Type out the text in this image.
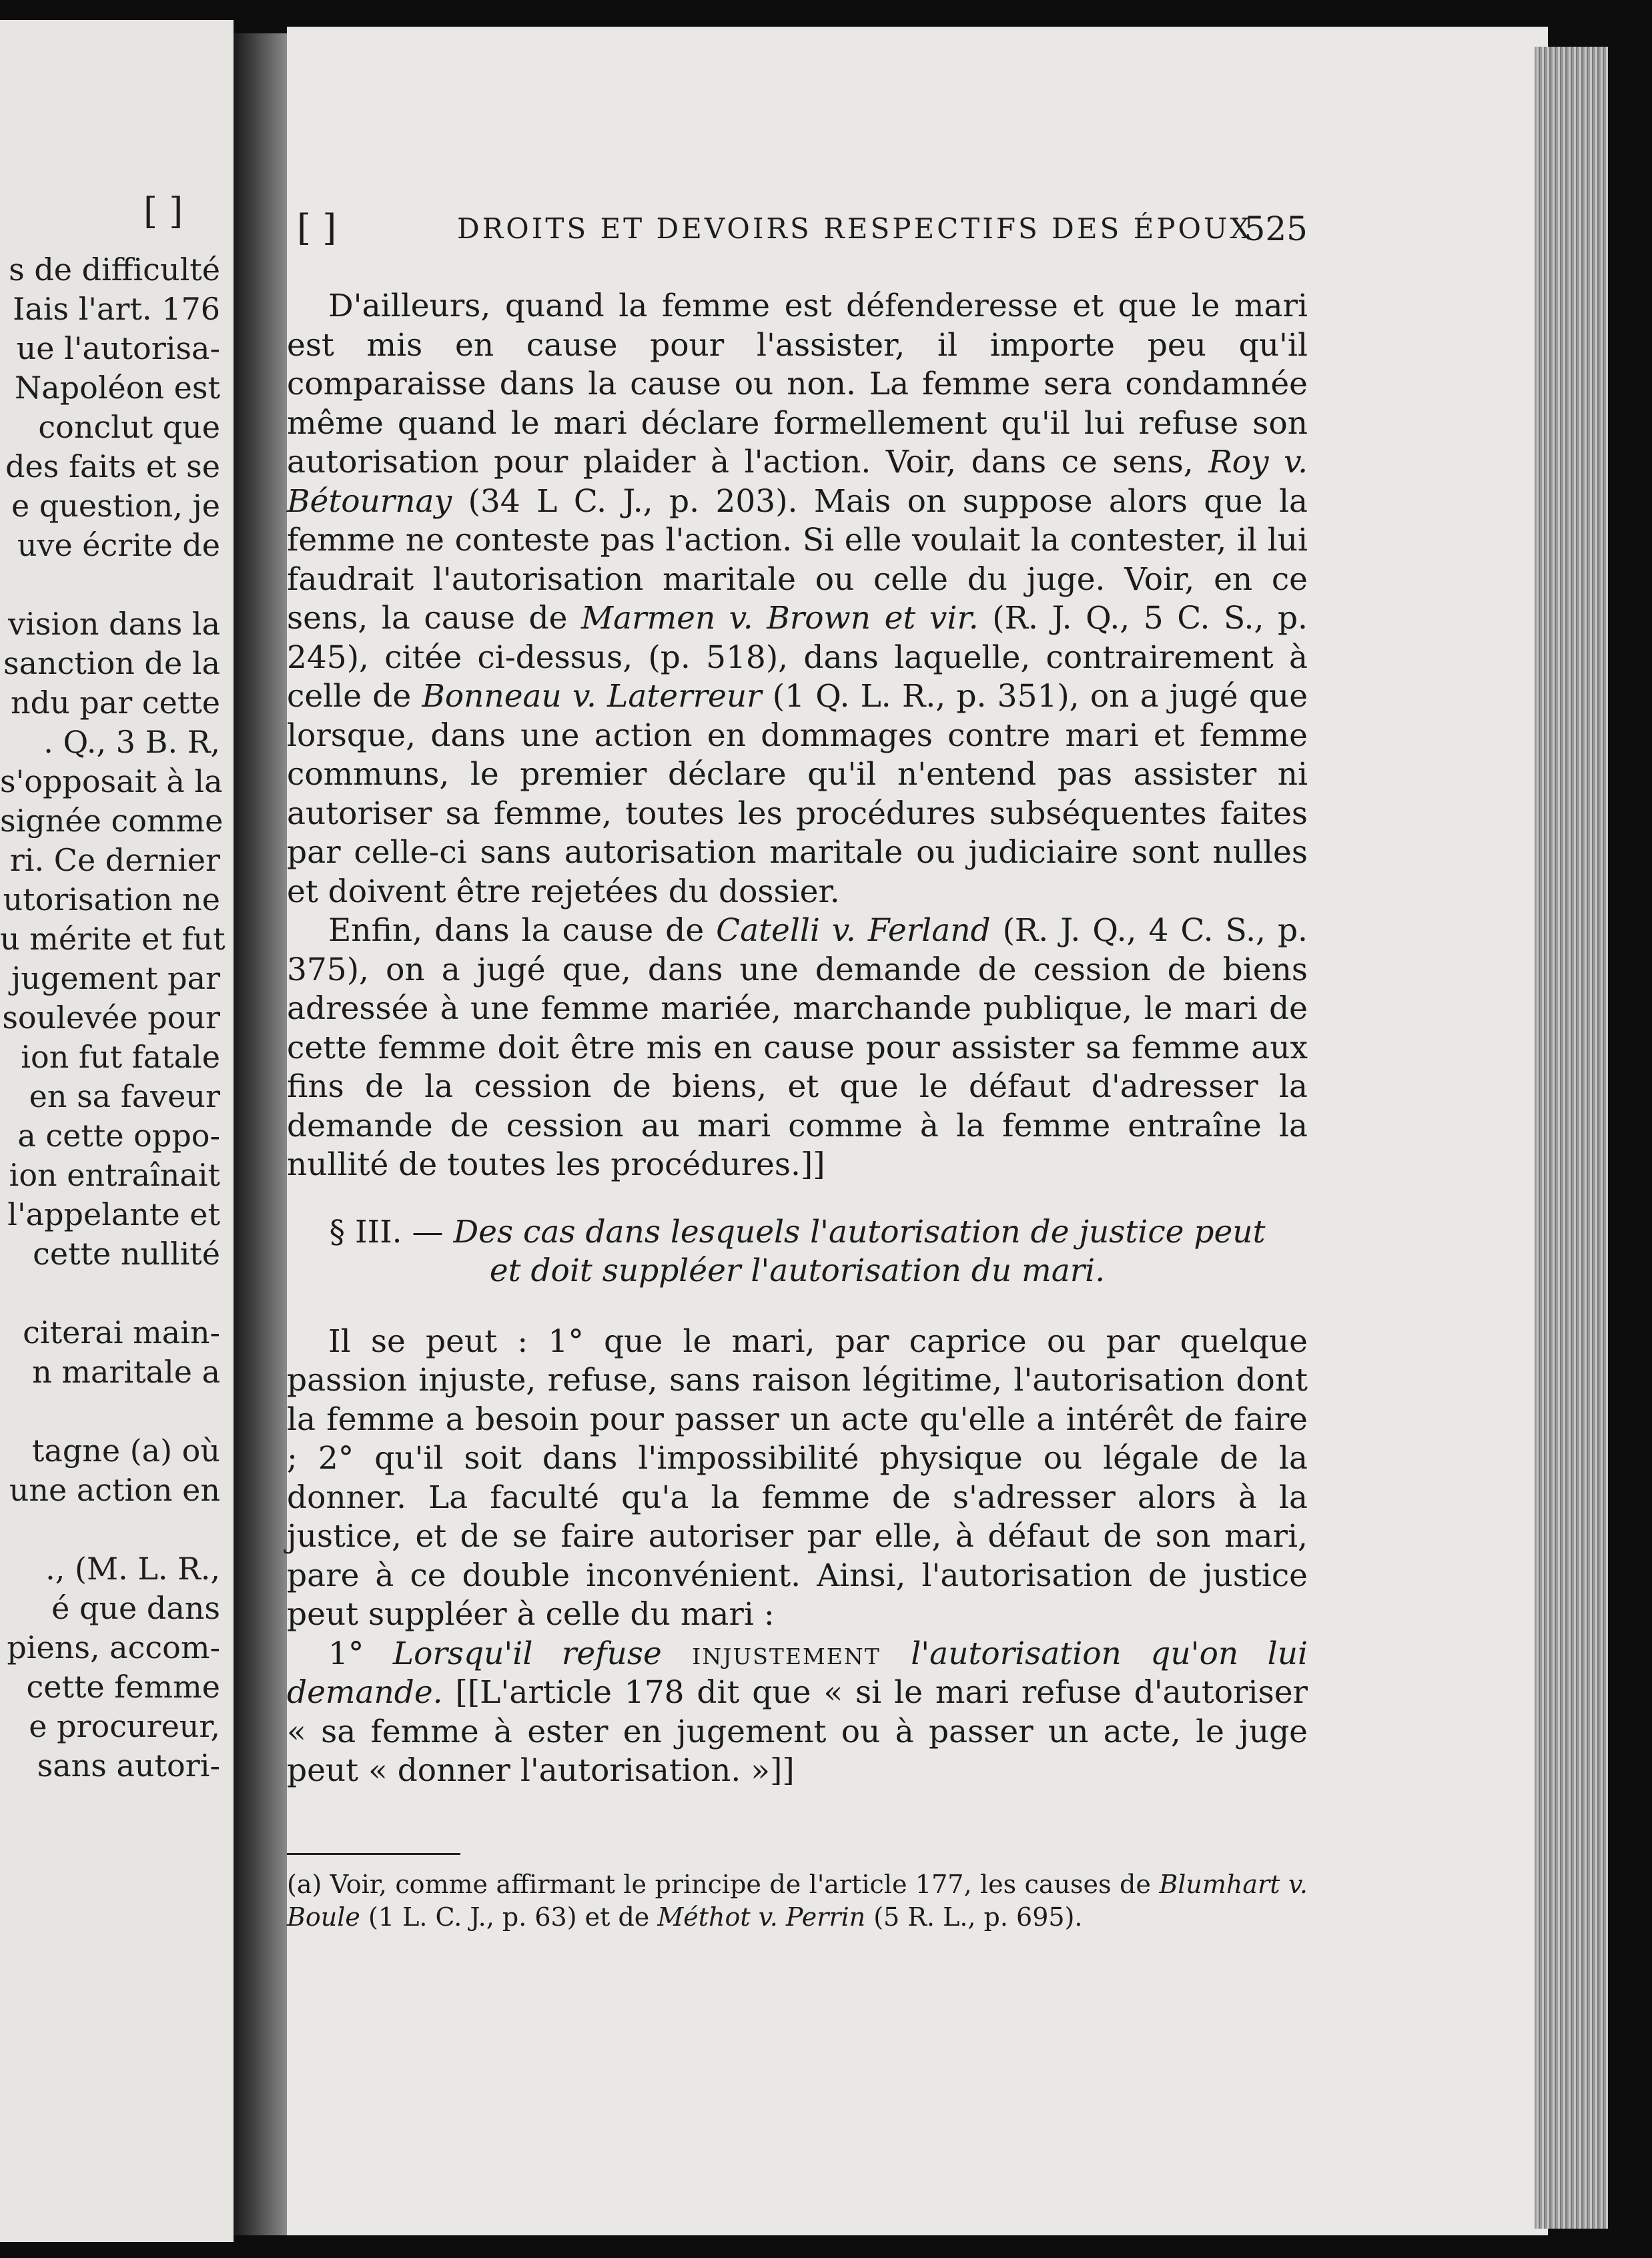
[ ]
s de difficulté
Iais l'art. 176
ue l'autorisa-
Napoléon est
conclut que
des faits et se
e question, je
uve écrite de
vision dans la
sanction de la
ndu par cette
. Q., 3 B. R,
s'opposait à la
signée comme
ri. Ce dernier
utorisation ne
u mérite et fut
jugement par
soulevée pour
ion fut fatale
en sa faveur
a cette oppo-
ion entraînait
l'appelante et
cette nullité
citerai main-
n maritale a
tagne (a) où
une action en
., (M. L. R.,
é que dans
piens, accom-
cette femme
e procureur,
sans autori-
[ ]	DROITS ET DEVOIRS RESPECTIFS DES ÉPOUX
525

D'ailleurs, quand la femme est défenderesse et que le mari est mis en cause pour l'assister, il importe peu qu'il comparaisse dans la cause ou non. La femme sera condamnée même quand le mari déclare formellement qu'il lui refuse son autorisation pour plaider à l'action. Voir, dans ce sens, Roy v. Bétournay (34 L C. J., p. 203). Mais on suppose alors que la femme ne conteste pas l'action. Si elle voulait la contester, il lui faudrait l'autorisation maritale ou celle du juge. Voir, en ce sens, la cause de Marmen v. Brown et vir. (R. J. Q., 5 C. S., p. 245), citée ci-dessus, (p. 518), dans laquelle, contrairement à celle de Bonneau v. Laterreur (1 Q. L. R., p. 351), on a jugé que lorsque, dans une action en dommages contre mari et femme communs, le premier déclare qu'il n'entend pas assister ni autoriser sa femme, toutes les procédures subséquentes faites par celle-ci sans autorisation maritale ou judiciaire sont nulles et doivent être rejetées du dossier.

Enfin, dans la cause de Catelli v. Ferland (R. J. Q., 4 C. S., p. 375), on a jugé que, dans une demande de cession de biens adressée à une femme mariée, marchande publique, le mari de cette femme doit être mis en cause pour assister sa femme aux fins de la cession de biens, et que le défaut d'adresser la demande de cession au mari comme à la femme entraîne la nullité de toutes les procédures.]]

§ III. — Des cas dans lesquels l'autorisation de justice peut
et doit suppléer l'autorisation du mari.

Il se peut : 1° que le mari, par caprice ou par quelque passion injuste, refuse, sans raison légitime, l'autorisation dont la femme a besoin pour passer un acte qu'elle a intérêt de faire ; 2° qu'il soit dans l'impossibilité physique ou légale de la donner. La faculté qu'a la femme de s'adresser alors à la justice, et de se faire autoriser par elle, à défaut de son mari, pare à ce double inconvénient. Ainsi, l'autorisation de justice peut suppléer à celle du mari :

1° Lorsqu'il refuse injustement l'autorisation qu'on lui demande. [[L'article 178 dit que « si le mari refuse d'autoriser « sa femme à ester en jugement ou à passer un acte, le juge peut « donner l'autorisation. »]]

(a) Voir, comme affirmant le principe de l'article 177, les causes de Blumhart v. Boule (1 L. C. J., p. 63) et de Méthot v. Perrin (5 R. L., p. 695).
